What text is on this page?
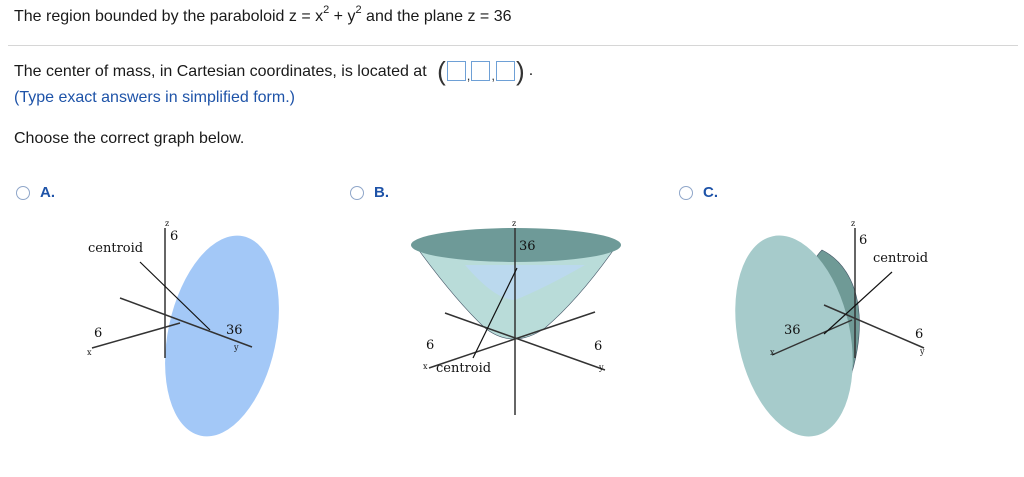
The region bounded by the paraboloid $z = x^2 + y^2$ and the plane z = 36
The center of mass, in Cartesian coordinates, is located at ( , , ) .
(Type exact answers in simplified form.)
Choose the correct graph below.
A.	B.	C.
z
6
centroid
6
x
36
y
z
36
6
x centroid
6
y
z
6
centroid
36
x
6
y
